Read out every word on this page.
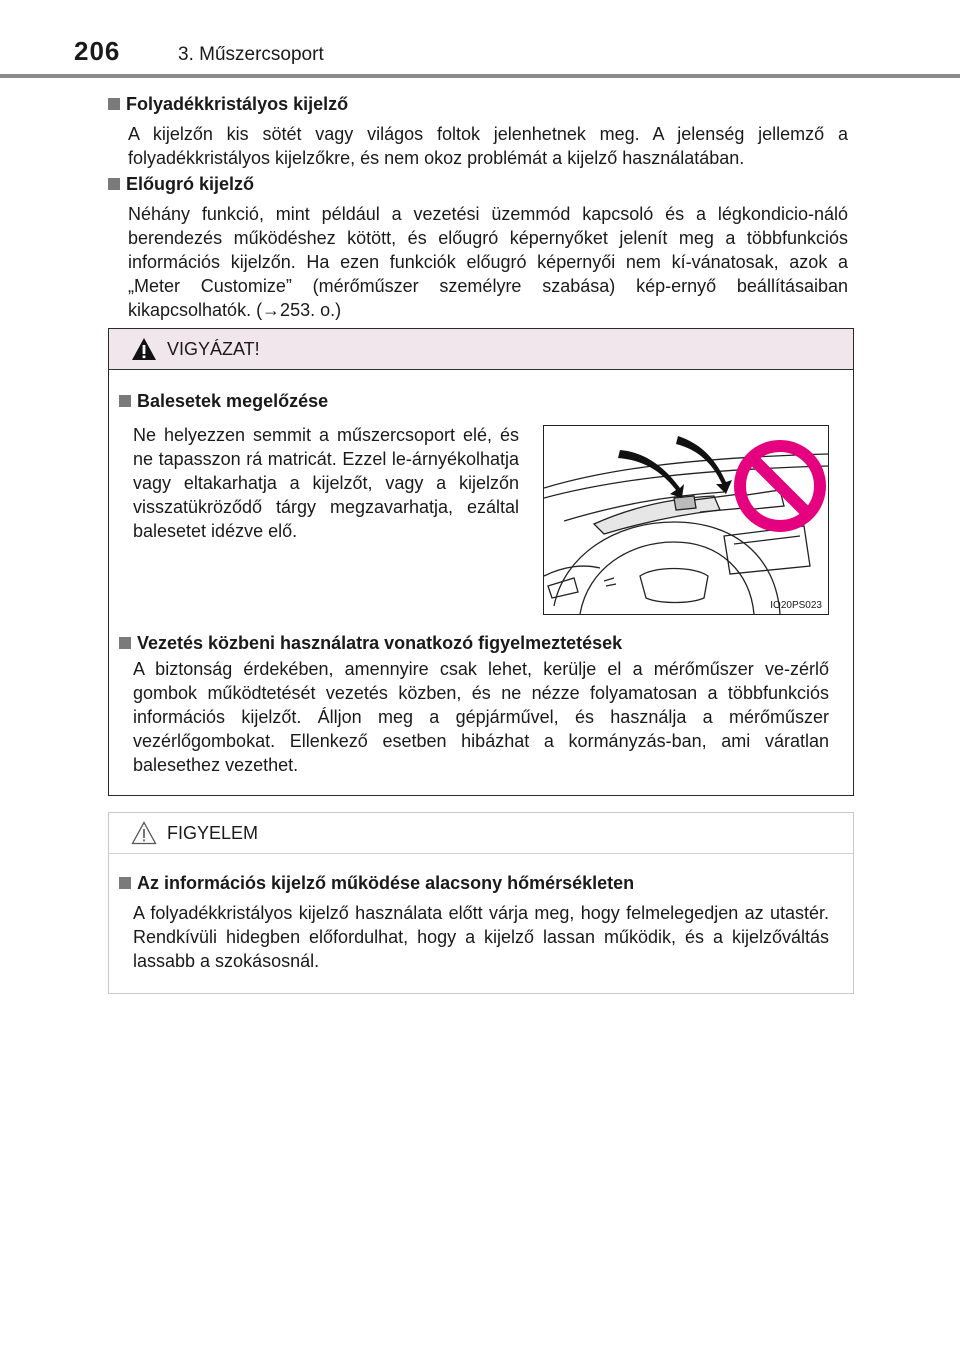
206	3. Műszercsoport
Folyadékkristályos kijelző
A kijelzőn kis sötét vagy világos foltok jelenhetnek meg. A jelenség jellemző a folyadékkristályos kijelzőkre, és nem okoz problémát a kijelző használatában.
Előugró kijelző
Néhány funkció, mint például a vezetési üzemmód kapcsoló és a légkondicio-náló berendezés működéshez kötött, és előugró képernyőket jelenít meg a többfunkciós információs kijelzőn. Ha ezen funkciók előugró képernyői nem kí-vánatosak, azok a „Meter Customize” (mérőműszer személyre szabása) kép-ernyő beállításaiban kikapcsolhatók. (→253. o.)
VIGYÁZAT!
Balesetek megelőzése
Ne helyezzen semmit a műszercsoport elé, és ne tapasszon rá matricát. Ezzel le-árnyékolhatja vagy eltakarhatja a kijelzőt, vagy a kijelzőn visszatükröződő tárgy megzavarhatja, ezáltal balesetet idézve elő.
IO20PS023
Vezetés közbeni használatra vonatkozó figyelmeztetések
A biztonság érdekében, amennyire csak lehet, kerülje el a mérőműszer ve-zérlő gombok működtetését vezetés közben, és ne nézze folyamatosan a többfunkciós információs kijelzőt. Álljon meg a gépjárművel, és használja a mérőműszer vezérlőgombokat. Ellenkező esetben hibázhat a kormányzás-ban, ami váratlan balesethez vezethet.
FIGYELEM
Az információs kijelző működése alacsony hőmérsékleten
A folyadékkristályos kijelző használata előtt várja meg, hogy felmelegedjen az utastér. Rendkívüli hidegben előfordulhat, hogy a kijelző lassan működik, és a kijelzőváltás lassabb a szokásosnál.
